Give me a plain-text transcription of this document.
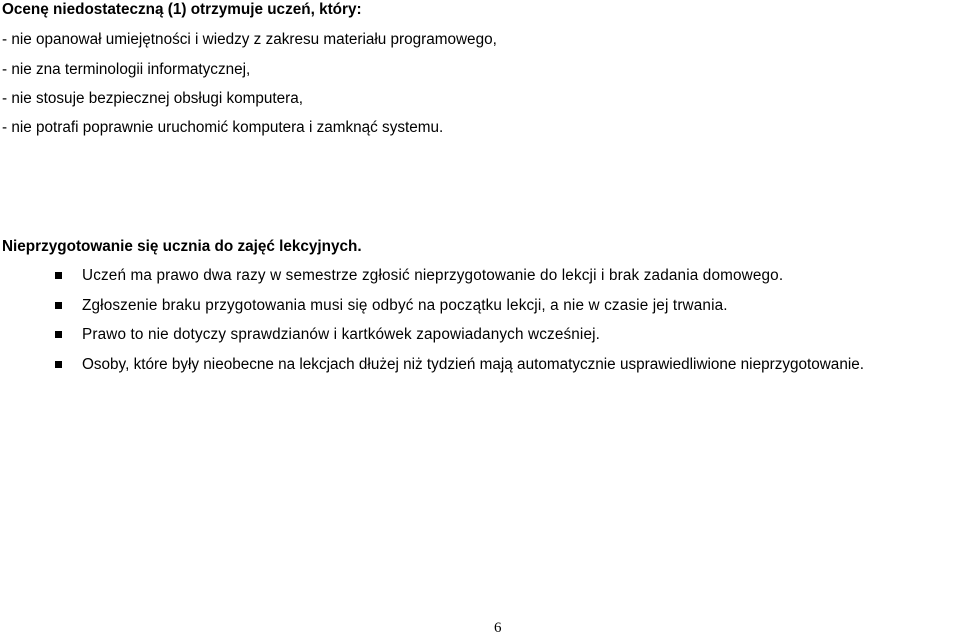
Ocenę niedostateczną (1) otrzymuje uczeń, który:
- nie opanował umiejętności i wiedzy z zakresu materiału programowego,
- nie zna terminologii informatycznej,
- nie stosuje bezpiecznej obsługi komputera,
- nie potrafi poprawnie uruchomić komputera i zamknąć systemu.
Nieprzygotowanie się ucznia do zajęć lekcyjnych.
Uczeń ma prawo dwa razy w semestrze zgłosić nieprzygotowanie do lekcji i brak zadania domowego.
Zgłoszenie braku przygotowania musi się odbyć na początku lekcji, a nie w czasie jej trwania.
Prawo to nie dotyczy sprawdzianów i kartkówek zapowiadanych wcześniej.
Osoby, które były nieobecne na lekcjach dłużej niż tydzień mają automatycznie usprawiedliwione nieprzygotowanie.
6
